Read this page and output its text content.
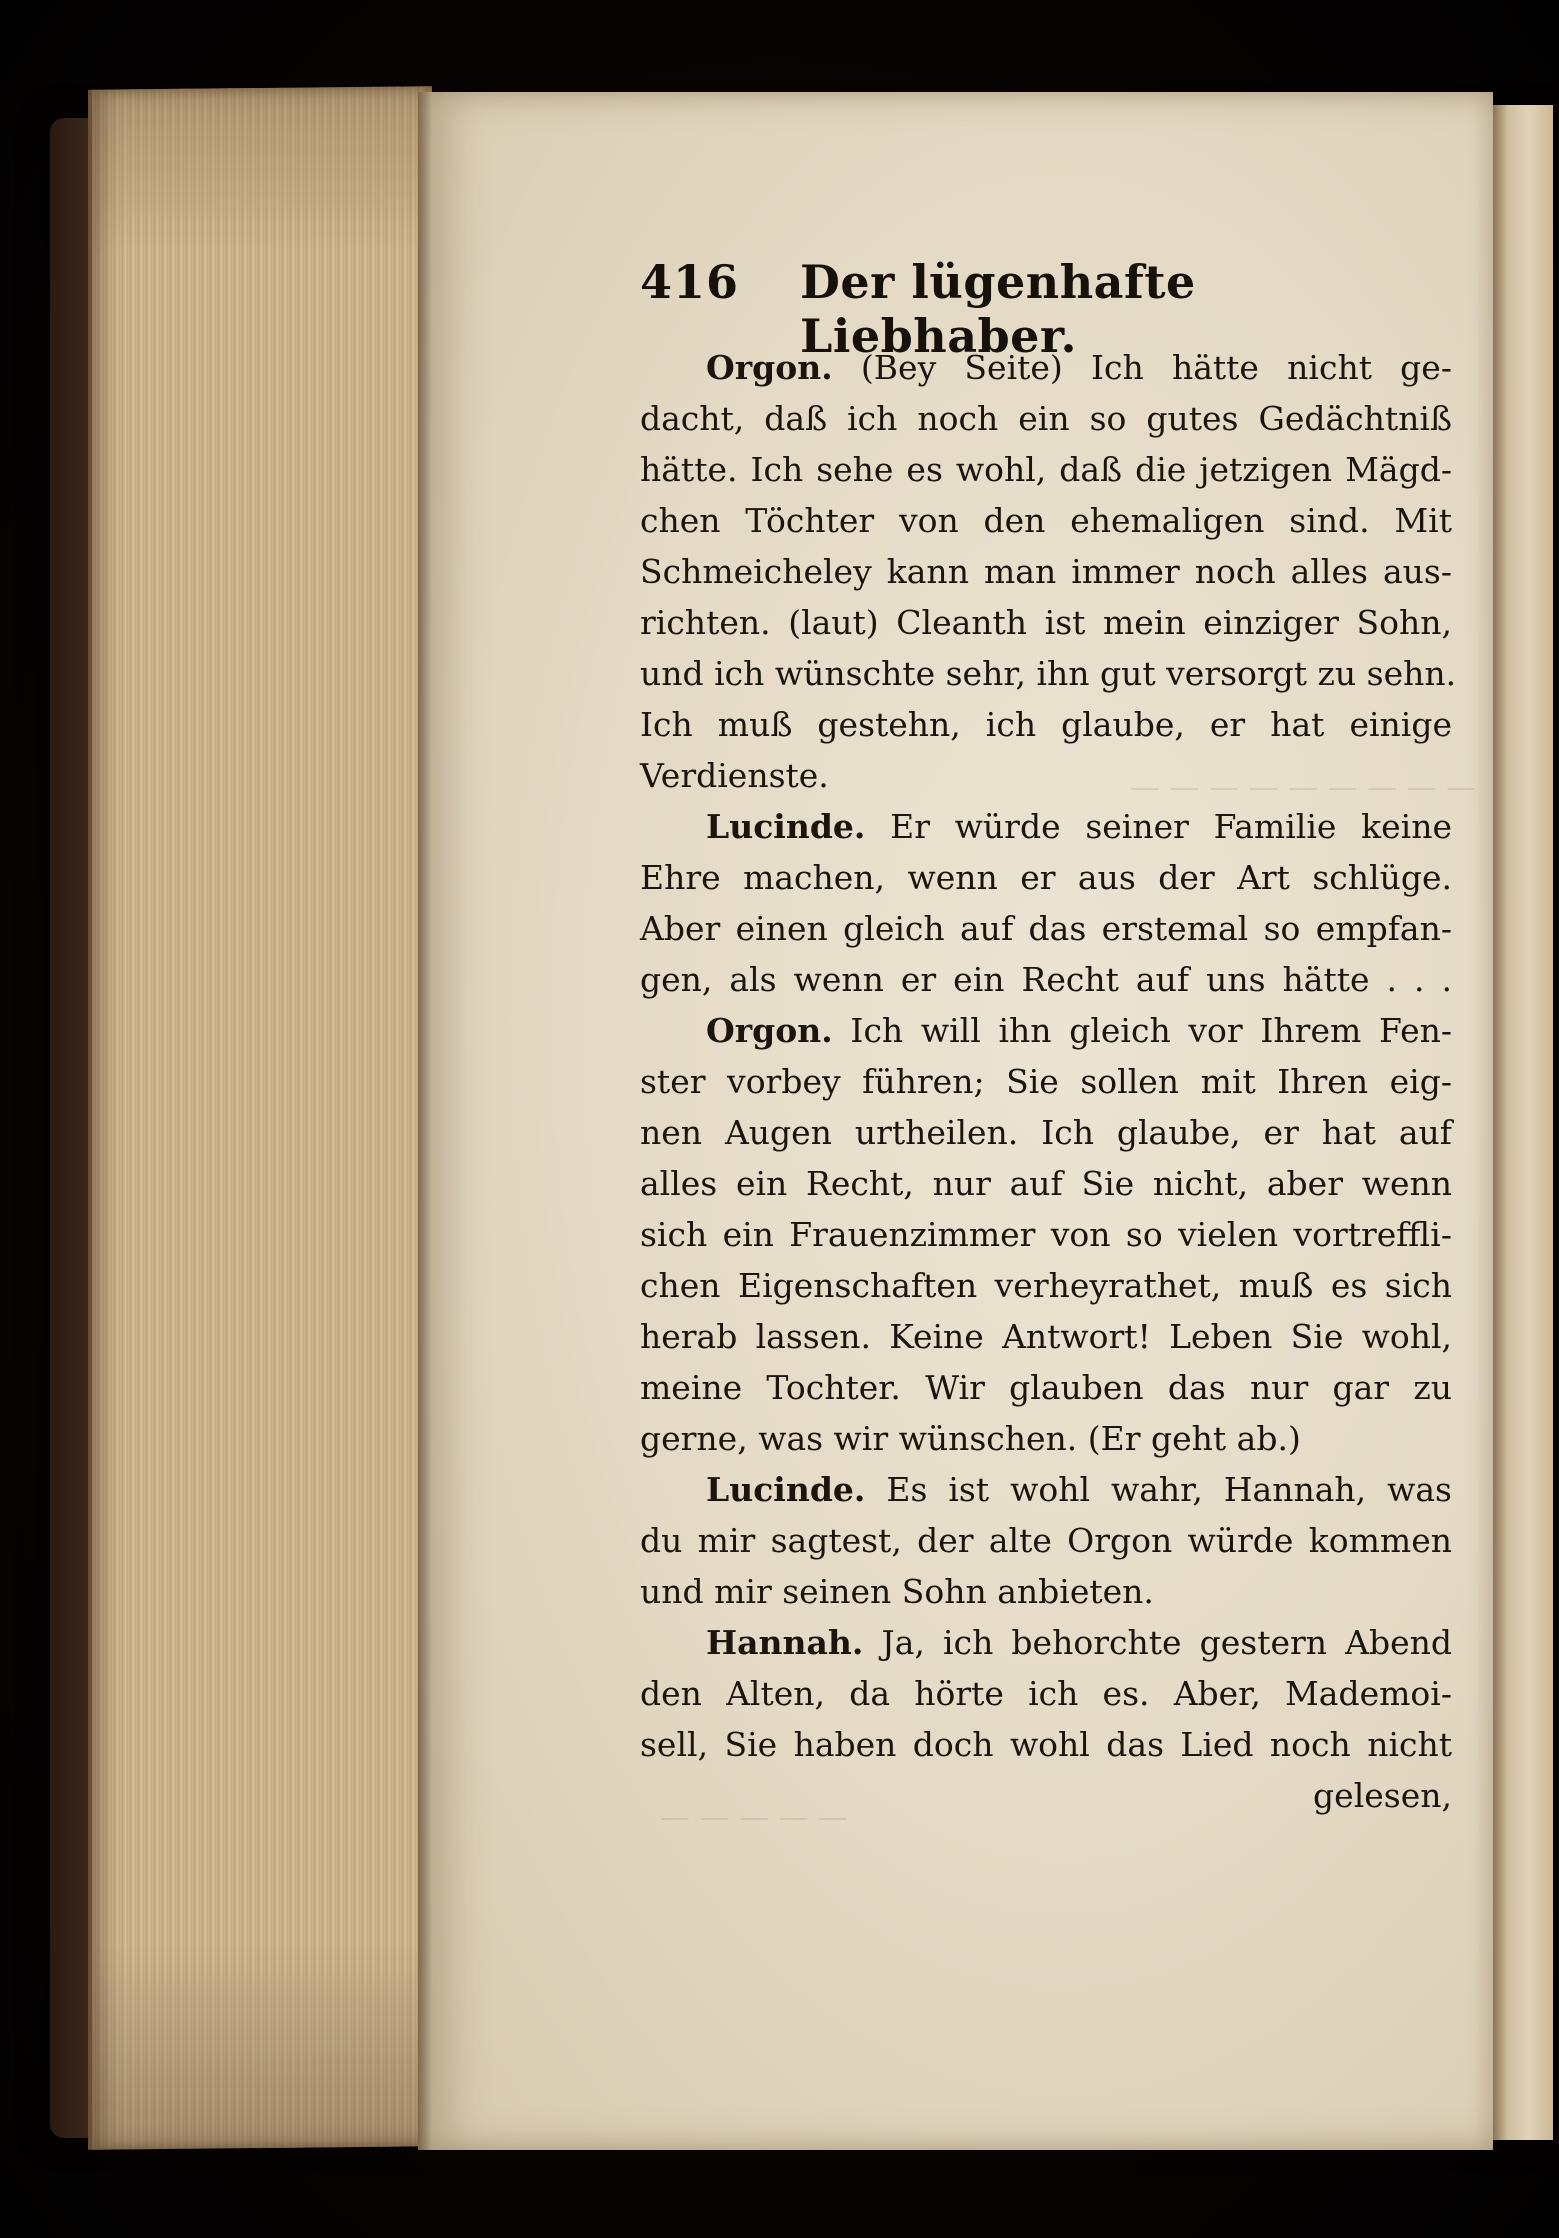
416 Der lügenhafte Liebhaber.
Orgon. (Bey Seite) Ich hätte nicht ge-
dacht, daß ich noch ein so gutes Gedächtniß
hätte. Ich sehe es wohl, daß die jetzigen Mägd-
chen Töchter von den ehemaligen sind. Mit
Schmeicheley kann man immer noch alles aus-
richten. (laut) Cleanth ist mein einziger Sohn,
und ich wünschte sehr, ihn gut versorgt zu sehn.
Ich muß gestehn, ich glaube, er hat einige
Verdienste.
Lucinde. Er würde seiner Familie keine
Ehre machen, wenn er aus der Art schlüge.
Aber einen gleich auf das erstemal so empfan-
gen, als wenn er ein Recht auf uns hätte . . .
Orgon. Ich will ihn gleich vor Ihrem Fen-
ster vorbey führen; Sie sollen mit Ihren eig-
nen Augen urtheilen. Ich glaube, er hat auf
alles ein Recht, nur auf Sie nicht, aber wenn
sich ein Frauenzimmer von so vielen vortreffli-
chen Eigenschaften verheyrathet, muß es sich
herab lassen. Keine Antwort! Leben Sie wohl,
meine Tochter. Wir glauben das nur gar zu
gerne, was wir wünschen. (Er geht ab.)
Lucinde. Es ist wohl wahr, Hannah, was
du mir sagtest, der alte Orgon würde kommen
und mir seinen Sohn anbieten.
Hannah. Ja, ich behorchte gestern Abend
den Alten, da hörte ich es. Aber, Mademoi-
sell, Sie haben doch wohl das Lied noch nicht
gelesen,
